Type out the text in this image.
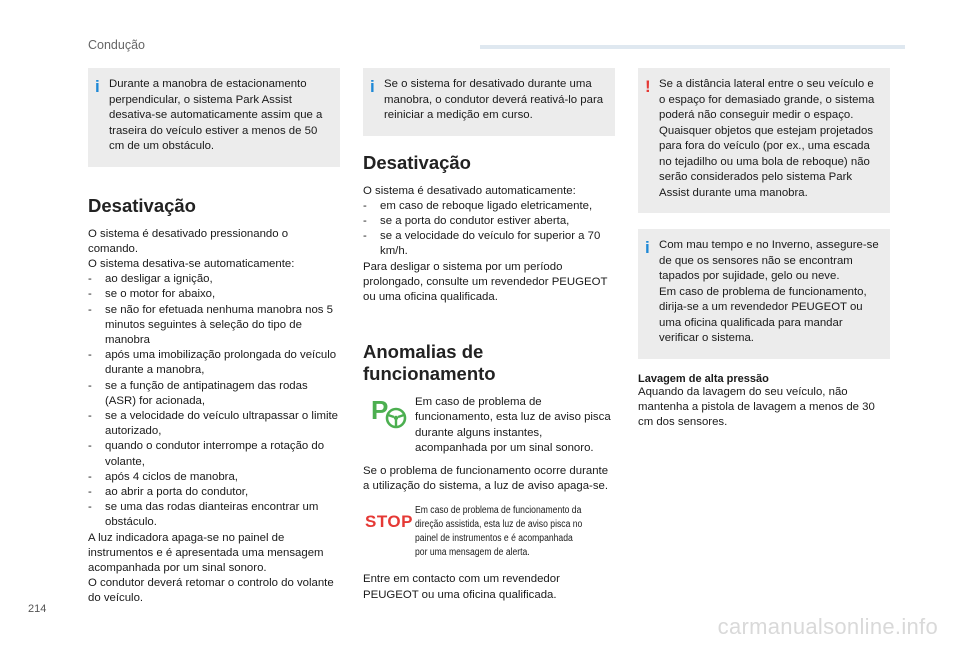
Condução
i Durante a manobra de estacionamento perpendicular, o sistema Park Assist desativa-se automaticamente assim que a traseira do veículo estiver a menos de 50 cm de um obstáculo.

Desativação

O sistema é desativado pressionando o comando.

O sistema desativa-se automaticamente:

- ao desligar a ignição,
- se o motor for abaixo,
- se não for efetuada nenhuma manobra nos 5 minutos seguintes à seleção do tipo de manobra
- após uma imobilização prolongada do veículo durante a manobra,
- se a função de antipatinagem das rodas (ASR) for acionada,
- se a velocidade do veículo ultrapassar o limite autorizado,
- quando o condutor interrompe a rotação do volante,
- após 4 ciclos de manobra,
- ao abrir a porta do condutor,
- se uma das rodas dianteiras encontrar um obstáculo.

A luz indicadora apaga-se no painel de instrumentos e é apresentada uma mensagem acompanhada por um sinal sonoro.

O condutor deverá retomar o controlo do volante do veículo.

i Se o sistema for desativado durante uma manobra, o condutor deverá reativá-lo para reiniciar a medição em curso.

Desativação

O sistema é desativado automaticamente:

- em caso de reboque ligado eletricamente,
- se a porta do condutor estiver aberta,
- se a velocidade do veículo for superior a 70 km/h.

Para desligar o sistema por um período prolongado, consulte um revendedor PEUGEOT ou uma oficina qualificada.

Anomalias de funcionamento
P Em caso de problema de funcionamento, esta luz de aviso pisca durante alguns instantes, acompanhada por um sinal sonoro.

Se o problema de funcionamento ocorre durante a utilização do sistema, a luz de aviso apaga-se.

STOP
Em caso de problema de funcionamento da direção assistida, esta luz de aviso pisca no painel de instrumentos e é acompanhada por uma mensagem de alerta.

Entre em contacto com um revendedor PEUGEOT ou uma oficina qualificada.

! Se a distância lateral entre o seu veículo e o espaço for demasiado grande, o sistema poderá não conseguir medir o espaço. Quaisquer objetos que estejam projetados para fora do veículo (por ex., uma escada no tejadilho ou uma bola de reboque) não serão considerados pelo sistema Park Assist durante uma manobra.

i Com mau tempo e no Inverno, assegure-se de que os sensores não se encontram tapados por sujidade, gelo ou neve.

Em caso de problema de funcionamento, dirija-se a um revendedor PEUGEOT ou uma oficina qualificada para mandar verificar o sistema.

Lavagem de alta pressão

Aquando da lavagem do seu veículo, não mantenha a pistola de lavagem a menos de 30 cm dos sensores.

214
carmanualsonline.info
